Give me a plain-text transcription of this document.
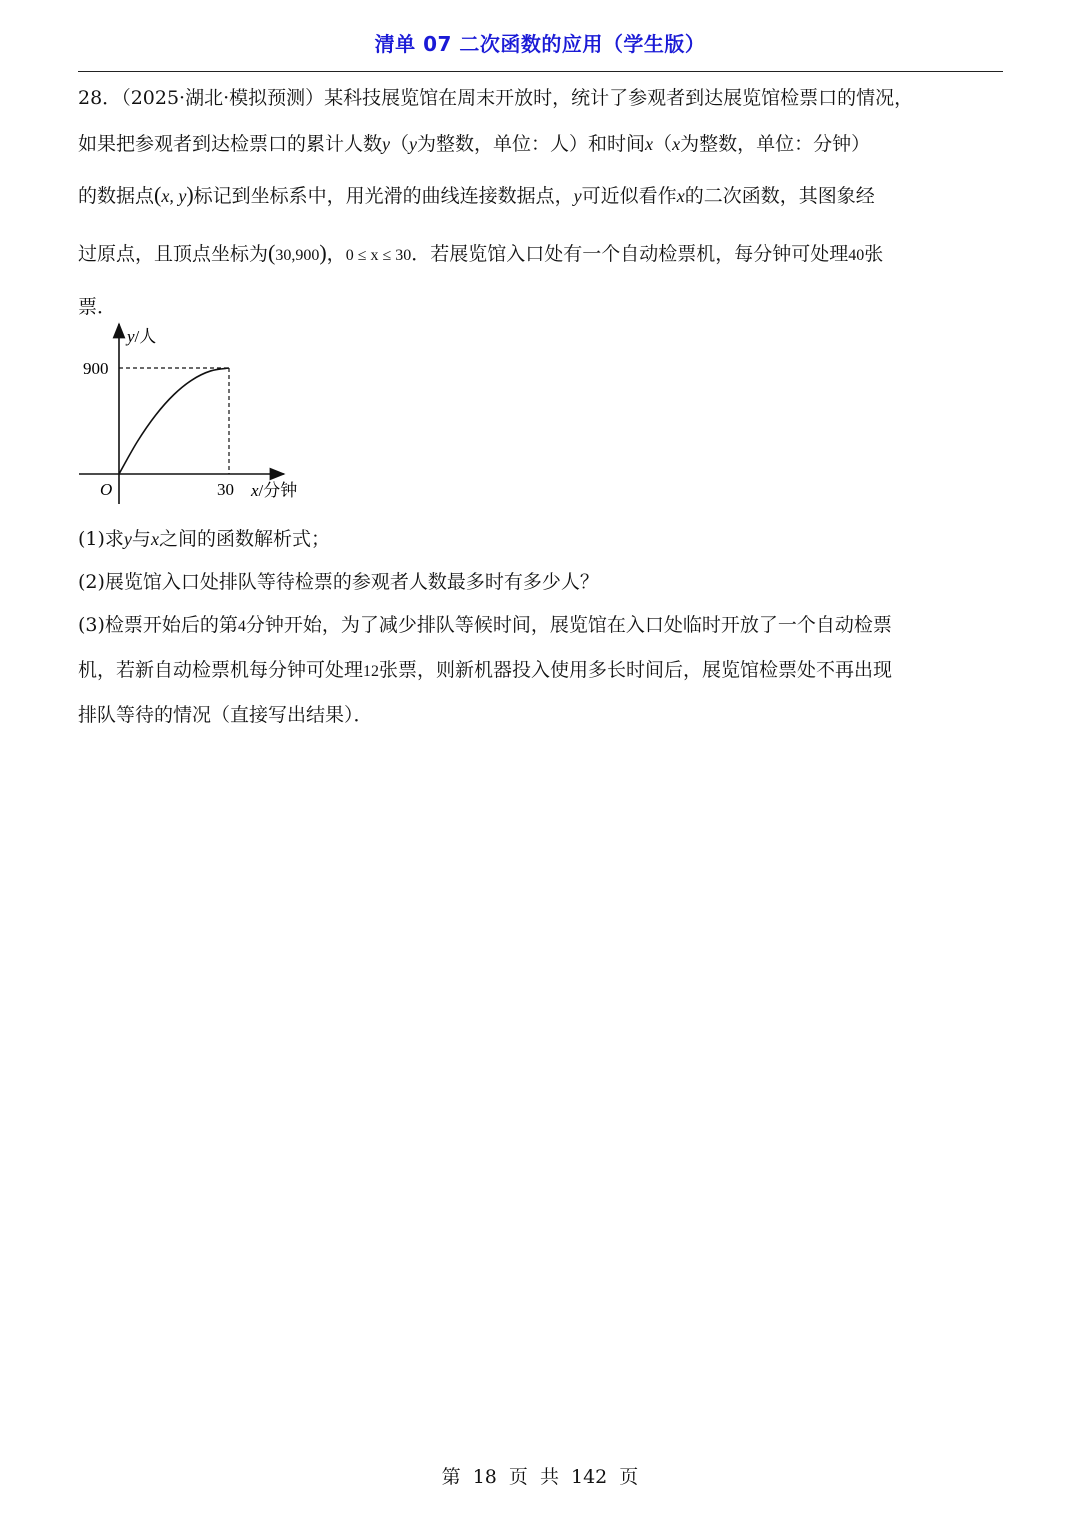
清单 07 二次函数的应用（学生版）
28．（2025·湖北·模拟预测）某科技展览馆在周末开放时，统计了参观者到达展览馆检票口的情况，
如果把参观者到达检票口的累计人数y（y为整数，单位：人）和时间x（x为整数，单位：分钟）
的数据点(x, y)标记到坐标系中，用光滑的曲线连接数据点，y可近似看作x的二次函数，其图象经
过原点，且顶点坐标为(30,900)，0 ≤ x ≤ 30．若展览馆入口处有一个自动检票机，每分钟可处理40张
票．
y/人
x/分钟
O
900
30
(1)求y与x之间的函数解析式；
(2)展览馆入口处排队等待检票的参观者人数最多时有多少人？
(3)检票开始后的第4分钟开始，为了减少排队等候时间，展览馆在入口处临时开放了一个自动检票
机，若新自动检票机每分钟可处理12张票，则新机器投入使用多长时间后，展览馆检票处不再出现
排队等待的情况（直接写出结果）．
第 18 页 共 142 页
